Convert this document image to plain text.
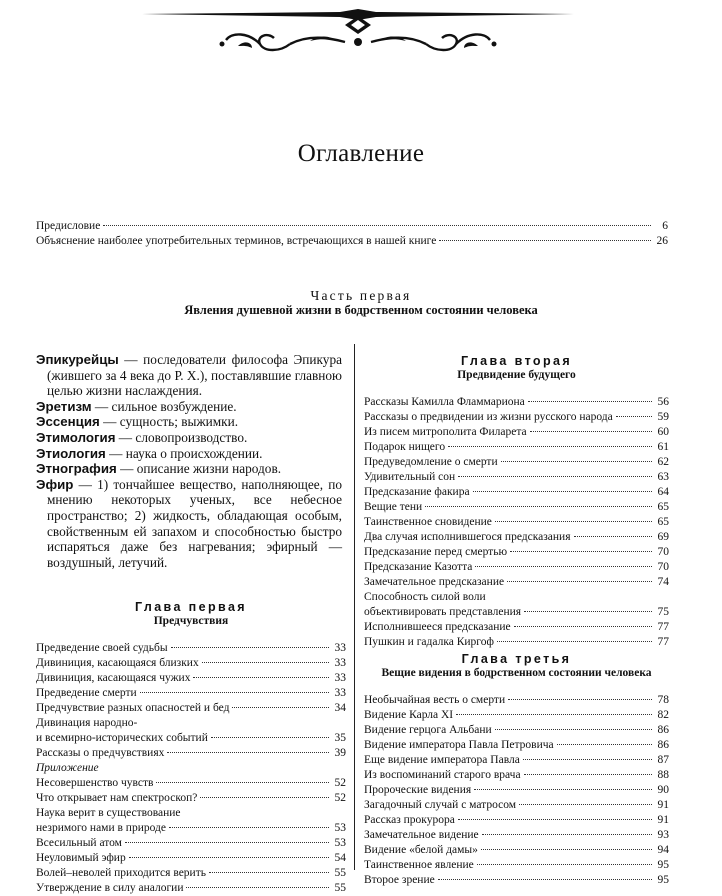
Оглавление
Предисловие	6
Объяснение наиболее употребительных терминов, встречающихся в нашей книге	26
Часть первая
Явления душевной жизни в бодрственном состоянии человека

Эпикурейцы — последователи философа Эпикура (жившего за 4 века до Р. Х.), поставлявшие главною целью жизни наслаждения.

Эретизм — сильное возбуждение.

Эссенция — сущность; выжимки.

Этимология — словопроизводство.

Этиология — наука о происхождении.

Этнография — описание жизни народов.

Эфир — 1) тончайшее вещество, наполняющее, по мнению некоторых ученых, все небесное пространство; 2) жидкость, обладающая особым, свойственным ей запахом и способностью быстро испаряться даже без нагревания; эфирный — воздушный, летучий.

Глава первая
Предчувствия
Предведение своей судьбы	33
Дивиниция, касающаяся близких	33
Дивиниция, касающаяся чужих	33
Предведение смерти	33
Предчувствие разных опасностей и бед	34
Дивинация народно-
и всемирно-исторических событий	35
Рассказы о предчувствиях	39
Приложение
Несовершенство чувств	52
Что открывает нам спектроскоп?	52
Наука верит в существование
незримого нами в природе	53
Всесильный атом	53
Неуловимый эфир	54
Волей–неволей приходится верить	55
Утверждение в силу аналогии	55
Глава вторая
Предвидение будущего
Рассказы Камилла Фламмариона	56
Рассказы о предвидении из жизни русского народа	59
Из писем митрополита Филарета	60
Подарок нищего	61
Предуведомление о смерти	62
Удивительный сон	63
Предсказание факира	64
Вещие тени	65
Таинственное сновидение	65
Два случая исполнившегося предсказания	69
Предсказание перед смертью	70
Предсказание Казотта	70
Замечательное предсказание	74
Способность силой воли
объективировать представления	75
Исполнившееся предсказание	77
Пушкин и гадалка Киргоф	77
Глава третья
Вещие видения в бодрственном состоянии человека
Необычайная весть о смерти	78
Видение Карла XI	82
Видение герцога Альбани	86
Видение императора Павла Петровича	86
Еще видение императора Павла	87
Из воспоминаний старого врача	88
Пророческие видения	90
Загадочный случай с матросом	91
Рассказ прокурора	91
Замечательное видение	93
Видение «белой дамы»	94
Таинственное явление	95
Второе зрение	95
